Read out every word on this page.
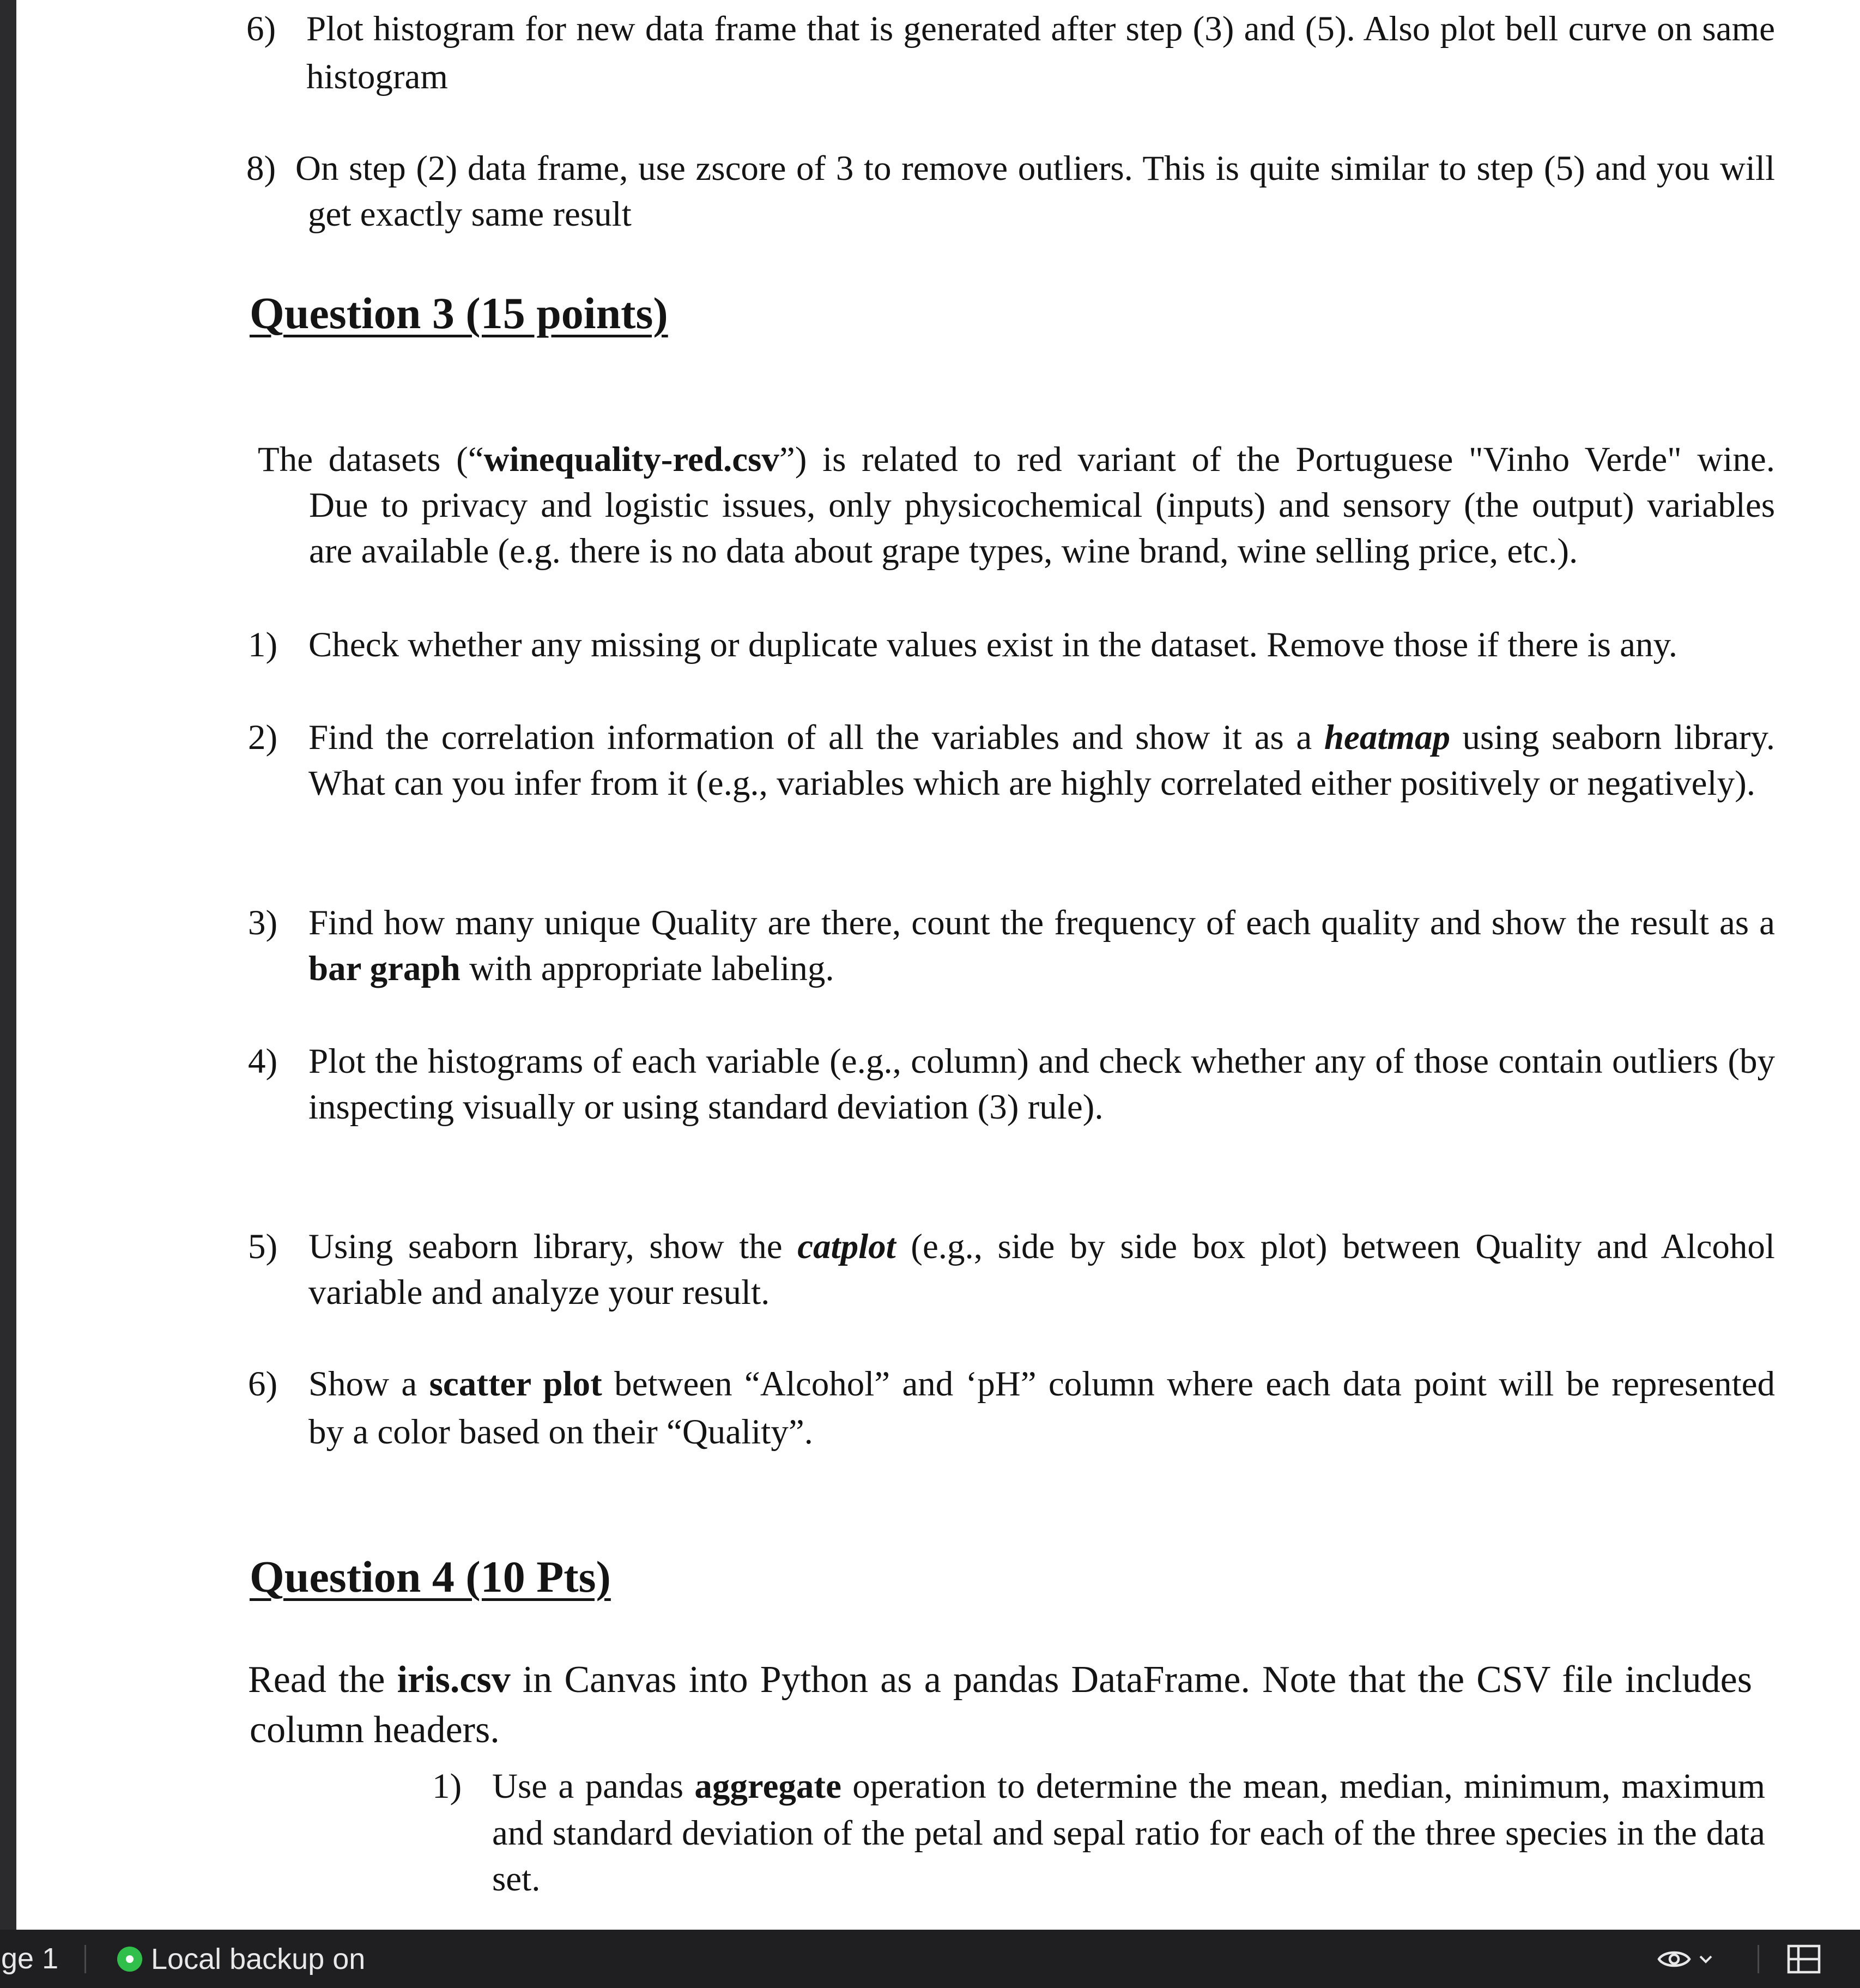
6) Plot histogram for new data frame that is generated after step (3) and (5). Also plot bell curve on same

histogram

8) On step (2) data frame, use zscore of 3 to remove outliers. This is quite similar to step (5) and you will

get exactly same result

Question 3 (15 points)

The datasets (“winequality-red.csv”) is related to red variant of the Portuguese "Vinho Verde" wine.

Due to privacy and logistic issues, only physicochemical (inputs) and sensory (the output) variables

are available (e.g. there is no data about grape types, wine brand, wine selling price, etc.).

1) Check whether any missing or duplicate values exist in the dataset. Remove those if there is any.

2) Find the correlation information of all the variables and show it as a heatmap using seaborn library.

What can you infer from it (e.g., variables which are highly correlated either positively or negatively).

3) Find how many unique Quality are there, count the frequency of each quality and show the result as a

bar graph with appropriate labeling.

4) Plot the histograms of each variable (e.g., column) and check whether any of those contain outliers (by

inspecting visually or using standard deviation (3) rule).

5) Using seaborn library, show the catplot (e.g., side by side box plot) between Quality and Alcohol

variable and analyze your result.

6) Show a scatter plot between “Alcohol” and ‘pH” column where each data point will be represented

by a color based on their “Quality”.

Question 4 (10 Pts)

Read the iris.csv in Canvas into Python as a pandas DataFrame. Note that the CSV file includes

column headers.

1) Use a pandas aggregate operation to determine the mean, median, minimum, maximum

and standard deviation of the petal and sepal ratio for each of the three species in the data

set.

ge 1	Local backup on
